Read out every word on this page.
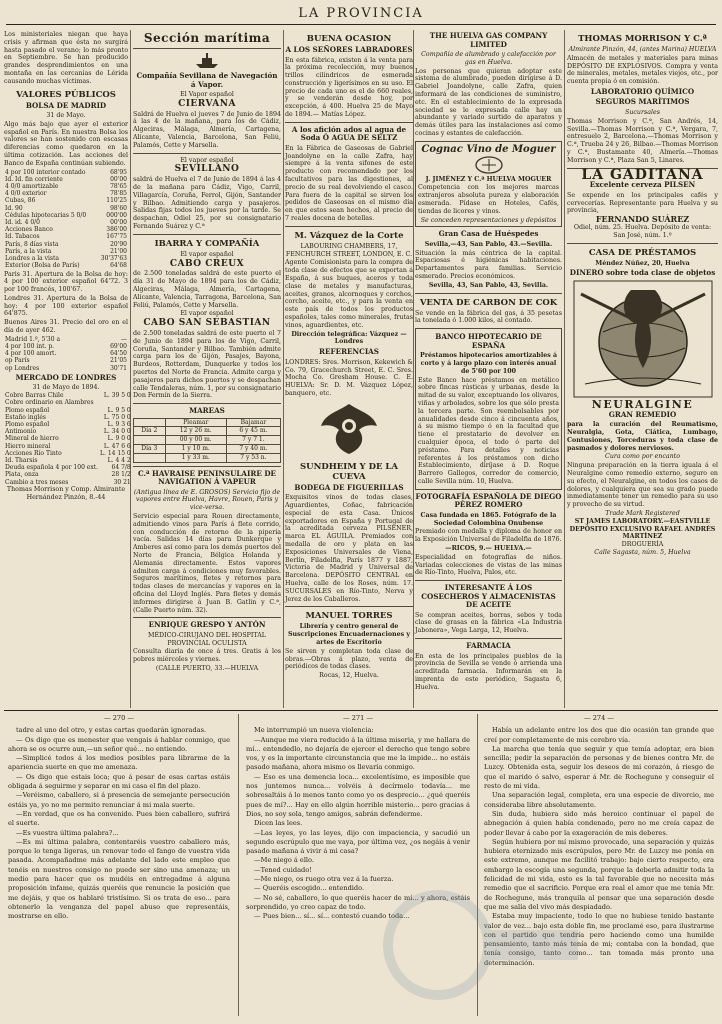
LA PROVINCIA

Los ministeriales niegan que haya crisis y afirman que ésta no surgirá hasta pasado el verano; lo más pronto en Septiembre. Se han producido grandes desprendimientos en una montaña en las cercanías de Lérida causando muchas víctimas.

VALORES PÚBLICOS
BOLSA DE MADRID
31 de Mayo.

Algo más bajo que ayer el exterior español en París. En nuestra Bolsa los valores se han sostenido con escasas diferencias como quedaron en la última cotización. Las acciones del Banco de España continúan subiendo.

4 por 100 interior contado	68'95
Id. Id. fin corriente	00'00
4 0/0 amortizable	78'65
4 0/0 exterior	78'85
Cubas, 86	110'25
Id. 90	98'60
Cédulas hipotecarias 5 0/0	000'00
Id. id. 4 0/0	00'00
Acciones Banco	386'00
Id. Tabacos	167'75
París, 8 días vista	20'90
París, a la vista	21'00
Londres a la vista	30'37'63
Exterior (Bolsa de París)	64'68

Paris 31. Apertura de la Bolsa de hoy: 4 por 100 exterior español 64'72. 3 por 100 francés, 100'67.

Londres 31. Apertura de la Bolsa de hoy: 4 por 100 exterior español 64'875.

Buenos Aires 31. Precio del oro en el día de ayer 462.

Madrid 1.º, 5'30 a	—
4 por 100 int. p.	69'00
4 por 100 amort.	64'50
op París	21'05
op Londres	30'71
MERCADO DE LONDRES
31 de Mayo de 1894.
Cobre Barras Chile	L. 39 5 0
Cobre ordinario en Alambres	
Plomo español	L. 9 5 0
Estaño inglés	L. 75 0 0
Plomo español	L. 9 3 6
Antimonio	L. 34 0 0
Mineral de hierro	L. 9 0 0
Hierro mineral	L. 47 6 6
Acciones Río Tinto	L. 14 15 0
Id. Tharsis	L. 4 4 2
Deuda española 4 por 100 ext.	64 7/8
Plata, onza	28 1/2
Cambio a tres meses	30 21
Thomas Morrison y Comp. Almirante Hernández Pinzón, 8.-44
Sección marítima
Compañía Sevillana de Navegación á Vapor.
El Vapor español
CIERVANA

Saldrá de Huelva el jueves 7 de Junio de 1894 á las 4 de la mañana, para los de Cádiz, Algeciras, Málaga, Almería, Cartagena, Alicante, Valencia, Barcelona, San Feliú, Palamós, Cette y Marsella.

El vapor español
SEVILLANO

saldrá de Huelva el 7 de Junio de 1894 á las 4 de la mañana para Cádiz, Vigo, Carril, Villagarcía, Coruña, Ferrol, Gijón, Santander y Bilbao. Admitiendo carga y pasajeros. Salidas fijas todos los jueves por la tarde. Se despachan, Odiel 25, por su consignatario Fernando Suárez y C.ª

IBARRA Y COMPAÑÍA
El vapor español
CABO CREUX

de 2.500 toneladas saldrá de este puerto el día 31 de Mayo de 1894 para los de Cádiz, Algeciras, Málaga, Almería, Cartagena, Alicante, Valencia, Tarragona, Barcelona, San Feliú, Palamós, Cette y Marsella.

El vapor español
CABO SAN SEBASTIAN

de 2.500 toneladas saldrá de este puerto el 7 de Junio de 1894 para los de Vigo, Carril, Coruña, Santander y Bilbao. También admite carga para los de Gijón, Pasajes, Bayona, Burdeos, Rotterdam, Dunquerke y todos los puertos del Norte de Francia. Admite carga y pasajeros para dichos puertos y se despachan calle Tendaleras, núm. 1, por su consignatario Don Fermín de la Sierra.

MAREAS
	Pleamar	Bajamar
Día 2	12 y 26 m.	6 y 45 m.
	00 y 00 m.	7 y 7 1.
Día 3	1 y 10 m.	7 y 40 m.
	1 y 33 m.	7 y 53 n.
C.ª HAVRAISE PENINSULAIRE DE NAVIGATION Á VAPEUR
(Antigua línea de E. GROSOS) Servicio fijo de vapores entre Huelva, Havre, Rouen, París y vice-versa.

Servicio especial para Rouen directamente, admitiendo vinos para París á flete corrido, con conducción de retorno de la pipería vacía. Salidas 14 días para Dunkerque y Amberes así como para los demás puertos del Norte de Francia, Bélgica Holanda y Alemania directamente. Estos vapores admiten carga á condiciones muy favorables. Seguros marítimos, fletes y retornos para todas clases de mercancías y vapores en la oficina del Lloyd Inglés. Para fletes y demás informes dirigirse á Juan B. Gatlin y C.ª, (Calle Puerto núm. 32).

ENRIQUE GRESPO Y ANTÓN
MÉDICO-CIRUJANO DEL HOSPITAL PROVINCIAL OCULISTA

Consulta diaria de once á tres. Gratis á los pobres miércoles y viernes.

(CALLE PUERTO, 33.—HUELVA
BUENA OCASION
A LOS SEÑORES LABRADORES

En esta fábrica, existen á la venta para la próxima recolección, muy buenos trillos cilíndricos de esmerada construcción y ligerísimos en su uso. El precio de cada uno es el de 660 reales, y se venderán desde hoy, por excepción, á 400. Huelva 25 de Mayo de 1894.— Matías López.

A los afición ados al agua de Soda Ó AGUA DE SELTZ

En la Fábrica de Gaseosas de Gabriel Joandolyne en la calle Zafra, hay siempre á la venta sifones de este producto con recomendado por los facultativos para las digestiones, al precio de su real devolviendo el casco. Para fuera de la capital se sirven los pedidos de Gaseosas en el mismo día en que estos sean hechos, al precio de 7 reales docena de botellas.

M. Vázquez de la Corte
LABOURING CHAMBERS, 17, FENCHURCH STREET, LONDON, E. C.

Agente Comisionista para la compra de toda clase de efectos que se exportan á España, á sus buques, aceros y toda clase de metales y manufacturas, aceites, granos, alcornoques y corchos, corcho, aceite, etc., y para la venta en este país de todos los productos españoles, tales como minerales, frutas vinos, aguardientes, etc.

Dirección telegráfica: Vázquez — Londres
REFERENCIAS

LONDRES: Sres. Morrison, Kekewich & Co. 79, Gracechurch Street, E. C. Sres. Mocha Co. Gresham House. C. E. HUELVA: Sr. D. M. Vázquez López, banquero, etc.

SUNDHEIM Y DE LA CUEVA
BODEGA DE FIGUERILLAS

Exquisitos vinos de todas clases, Aguardientes, Coñac, fabricación especial de esta Casa. Únicos exportadores en España y Portugal de la acreditada cerveza PILSENER, marca EL ÁGUILA. Premiados con medalla de oro y plata en las Exposiciones Universales de Viena, Berlín, Filadelfia, París 1877 y 1887, Victoria de Madrid y Universal de Barcelona. DEPÓSITO CENTRAL en Huelva, calle de los Roses, núm. 17. SUCURSALES en Río-Tinto, Nerva y Jerez de los Caballeros.

MANUEL TORRES
Librería y centro general de Suscripciones Encuadernaciones y artes de Escritorio

Se sirven y completan toda clase de obras.—Obras á plazo, venta de periódicos de todas clases.

Rocas, 12, Huelva.
THE HUELVA GAS COMPANY LIMITED
Compañía de alumbrado y calefacción por gas en Huelva.

Los personas que quieran adoptar este sistema de alumbrado, pueden dirigirse á D. Gabriel Joandolyne, calle Zafra, quien informará de las condiciones de suministro, etc. En el establecimiento de la expresada sociedad se le expresada calle hay un abundante y variado surtido de aparatos y demás útiles para las instalaciones así como cocinas y estantes de calefacción.

Cognac Vino de Moguer
J. JIMÉNEZ Y C.ª HUELVA MOGUER

Competencia con los mejores marcas extranjeros absoluta pureza y elaboración esmerada. Pídase en Hoteles, Cafés, tiendas de licores y vinos.

Se conceden representaciones y depósitos
Gran Casa de Huéspedes
Sevilla,—43, San Pablo, 43.—Sevilla.

Situación la más céntrica de la capital. Espaciosas é higiénicas habitaciones. Departamentos para familias. Servicio esmerado. Precios económicos.

Sevilla, 43, San Pablo, 43, Sevilla.
VENTA DE CARBON DE COK

Se vende en la fábrica del gas, á 35 pesetas la tonelada ó 1.000 kilos, al contado.

BANCO HIPOTECARIO DE ESPAÑA
Préstamos hipotecarios amortizables á corto y á largo plazo con interés anual de 5'60 por 100

Este Banco hace préstamos en metálico sobre fincas rústicas y urbanas, desde la mitad de su valor, exceptuando los olivares, viñas y arbolados, sobre los que sólo presta la tercera parte. Son reembolsables por anualidades desde cinco á cincuenta años, á su mismo tiempo ó en la facultad que tiene el prestatario de devolver en cualquier época, el todo ó parte del préstamo. Para detalles y noticias referentes á los préstamos con dicho Establecimiento, diríjase á D. Roque Barrero Gallegos, corredor de comercio, calle Sevilla núm. 10, Huelva.

FOTOGRAFÍA ESPAÑOLA DE DIEGO PÉREZ ROMERO
Casa fundada en 1865. Fotógrafo de la Sociedad Colombina Onubense

Premiado con medalla y diploma de honor en la Exposición Universal de Filadelfia de 1876.

—RICOS, 9.— HUELVA.—

Especialidad en fotografías de niños. Variadas colecciones de vistas de las minas de Río-Tinto, Huelva, Palos, etc.

INTERESANTE Á LOS COSECHEROS Y ALMACENISTAS DE ACEITE

Se compran aceites, borras, sebos y toda clase de grasas en la fábrica «La Industria Jabonera», Vega Larga, 12, Huelva.

FARMACIA

En esta de los principales pueblos de la provincia de Sevilla se vende ó arrienda una acreditada farmacia. Informarán en la imprenta de este periódico, Sagasta 6, Huelva.

THOMAS MORRISON Y C.ª
Almirante Pinzón, 44, (antes Marina) HUELVA

Almacén de metales y materiales para minas DEPÓSITO DE EXPLOSIVOS. Compra y venta de minerales, metales, metales viejos, etc., por cuenta propia ó en comisión.

LABORATORIO QUÍMICO
SEGUROS MARÍTIMOS
Sucursales

Thomas Morrison y C.ª, San Andrés, 14, Sevilla.—Thomas Morrison y C.ª, Vergara, 7, entresuelo 2, Barcelona.—Thomas Morrison y C.ª, Trueba 24 y 26, Bilbao.—Thomas Morrison y C.ª, Bustamante 40, Almería.—Thomas Morrison y C.ª, Plaza San 5, Linares.

LA GADITANA
Excelente cerveza PILSEN

Se expende en los principales cafés y cervecerías. Representante para Huelva y su provincia,

FERNANDO SUÁREZ
Odiel, núm. 25. Huelva. Depósito de venta: San José, núm. 1.º
CASA DE PRÉSTAMOS
Méndez Núñez, 20, Huelva
DINERO sobre toda clase de objetos
NEURALGINE
GRAN REMEDIO

para la curación del Reumatismo, Neuralgia, Gota, Ciática, Lumbago, Contusiones, Torceduras y toda clase de pasmados y dolores nerviosos.

Cura como por encanto

Ninguna preparación en la tierra iguala á el Neuralgine como remedio externo, seguro en su efecto, el Neuralgine, en todos los casos de dolores, y cualquiera que sea su grado puede inmediatamente tener un remedio para su uso y provecho de su virtud.

Trade Mark Registered
ST JAMES LABORATORY.—EASTVILLE
DEPÓSITO EXCLUSIVO RAFAEL ANDRÉS MARTÍNEZ
DROGUERÍA
Calle Sagasta, núm. 5, Huelva
— 270 —

tadre al uno del otro, y estas cartas quedarán ignoradas.

— Os digo que es menester que vengais á hablar conmigo, que ahora se os ocurre aun,—un señor qué... no entiendo.

—Simplicé todos á los medios posibles para librarme de la apariencia suerte en que me amenaza.

— Os digo que estais loca; que á pesar de esas cartas estáis obligada á seguirme y separar en mi casa el fin del plazo.

—Veréismo, caballero, si á presencia de semejante persecución estáis ya, yo no me permito renunciar á mi mala suerte.

—En verdad, que os ha convenido. Pues bien caballero, sufrirá el suerte.

—Es vuestra última palabra?...

—Es mi última palabra, contentaréis vuestro caballero más, porque lo tenga ligeras, un renovar todo el fango de vuestra vida pasada. Acompañadme más adelante del lado este empleo que tenéis en nuestros consigo no puede ser sino una amenaza; un medio para hacer que os mudéis en entregadme á alguna proposición infame, quizás queréis que renuncie la posición que me dejáis, y que os hablaré tristísimo. Si os trata de eso... para obtenerlo la venganza del papel abuso que representáis, mostrarse en ello.

— 271 —

Me interrumpió un nueva violencia:

—Aunque me viera reducido á la última miseria, y me hallara de mí... entendedlo, no dejaría de ejercer el derecho que tengo sobre vos, y es la importante circunstancia que me la impide... no estáis pasado mañana, ahora mismo os llevaría conmigo.

— Eso es una demencia loca... excelentísimo, es imposible que nos juntemos nunca... volvéis á decírmelo todavía... me sobresaltáis á lo menos tanto como yo os desprecio... ¿qué queréis pues de mí?... Hay en ello algún horrible misterio... pero gracias á Dios, no soy sola, tengo amigos, sabrán defenderme.

Dicen las lees.

—Las leyes, yo las leyes, dijo con impaciencia, y sacudió un segundo escrúpulo que me vaya, por última vez, ¿os negáis á venir pasado mañana á vivir á mi casa?

—Me niego á ello.

—Tened cuidado!

—Me niego, os ruego otra vez á la fuerza.

— Queréis escogido... entendido.

— No sé, caballero, lo que queréis hacer de mí... y ahora, estáis sorprendido, yo creo capaz de todo.

— Pues bien... sí... sí... contestó cuando toda...

— 274 —

Había un adelante entre los dos que dio ocasión tan grande que creí por completamente de mis cerebro vía.

La marcha que tenía que seguir y que temía adoptar, era bien sencilla; pedir la separación de personas y de bienes contra Mr. de Luzcy. Obtenida esta, seguir los deseos de mi corazón, á riesgo de que el marido ó salvo, esperar á Mr. de Rochegune y conseguir el resto de mi vida.

Una separación legal, completa, era una especie de divorcio, me consideraba libre absolutamente.

Sin duda, hubiera sido más heroico continuar el papel de abnegación á quien había condenado, pero no me creía capaz de poder llevar á cabo por la exageración de mis deberes.

Según hubiera por mí mismo provocado, una separación y quizás hubiera eternizado mis escrúpulos, pero Mr. de Luzcy me ponía en este extremo, aunque me facilitó trabajo: bajo cierto respecto, era embargo la escogía una segunda, porque la deberla admitir toda la felicidad de mi vida, esto es la tal favorable que no necesita más remedio que el sacrificio. Porque era real el amor que me tenía Mr. de Rochegune, más tranquila al pensar que una separación desde que me salía del vivo más despiadado.

Estaba muy impaciente, todo lo que no hubiese tenido bastante valor de vez... bajo esta doble fin, me proclamé eso, para ilustrarme con el partido que tendría pero haciendo como una humilde pensamiento, tanto más tenía de mi; contaba con la bondad, que tenía consigo, tanto como... tan tomada más pronto una determinación.
